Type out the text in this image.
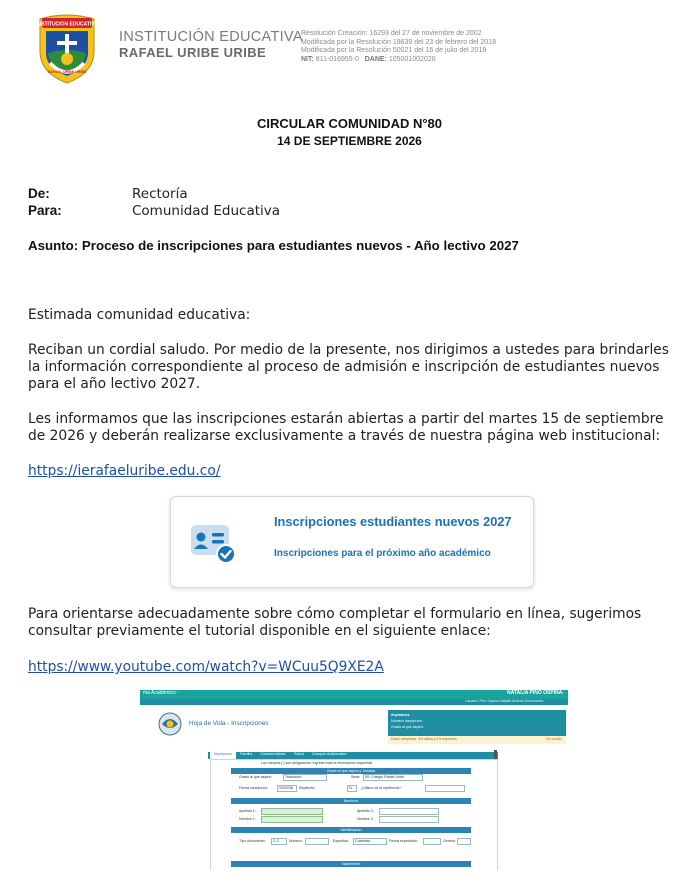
INSTITUCION EDUCATIVA
RAFAEL URIBE URIBE
INSTITUCIÓN EDUCATIVA
RAFAEL URIBE URIBE
Resolución Creación: 16293 del 27 de noviembre de 2002
Modificada por la Resolución 18639 del 23 de febrero del 2018
Modificada por la Resolución 50021 del 16 de julio del 2018
NIT: 811-016955-0 DANE: 105001002020
CIRCULAR COMUNIDAD N°80
14 DE SEPTIEMBRE 2026
De:	Rectoría
Para:	Comunidad Educativa
Asunto: Proceso de inscripciones para estudiantes nuevos - Año lectivo 2027
Estimada comunidad educativa:
Reciban un cordial saludo. Por medio de la presente, nos dirigimos a ustedes para brindarles la información correspondiente al proceso de admisión e inscripción de estudiantes nuevos para el año lectivo 2027.
Les informamos que las inscripciones estarán abiertas a partir del martes 15 de septiembre de 2026 y deberán realizarse exclusivamente a través de nuestra página web institucional:
https://ierafaeluribe.edu.co/
Inscripciones estudiantes nuevos 2027
Inscripciones para el próximo año académico
Para orientarse adecuadamente sobre cómo completar el formulario en línea, sugerimos consultar previamente el tutorial disponible en el siguiente enlace:
https://www.youtube.com/watch?v=WCuu5Q9XE2A
ma Académico -	NATALIA PINO OSPINA-
Usuario: Pino Ospina Natalia Andrea Documento:
Hoja de Vida - Inscripciones
Aspirantes
Número inscripción:
Grado al que aspira:
Datos completos: 3% válido y 0% requerido	Ver detalle
Inscripción	Familia Características Salud Campos Adicionales
Los campos [ ] son obligatorios. Ingrese toda la información requerida
Grado al que aspira y Jornada
Grado al que aspira:	Transición	Sede: 00: Colegio Rafael Uribe
Fecha inscripción:	09/02/08 Repitente:	N	¿Último de la repitencia?:
Nombres
Apellido 1:	Apellido 2:
Nombre 1:	Nombre 2:
Identificación
Tipo documento: C.C. Número:	Expedido: Colombia	Fecha expedición:	Género:
Nacimiento
